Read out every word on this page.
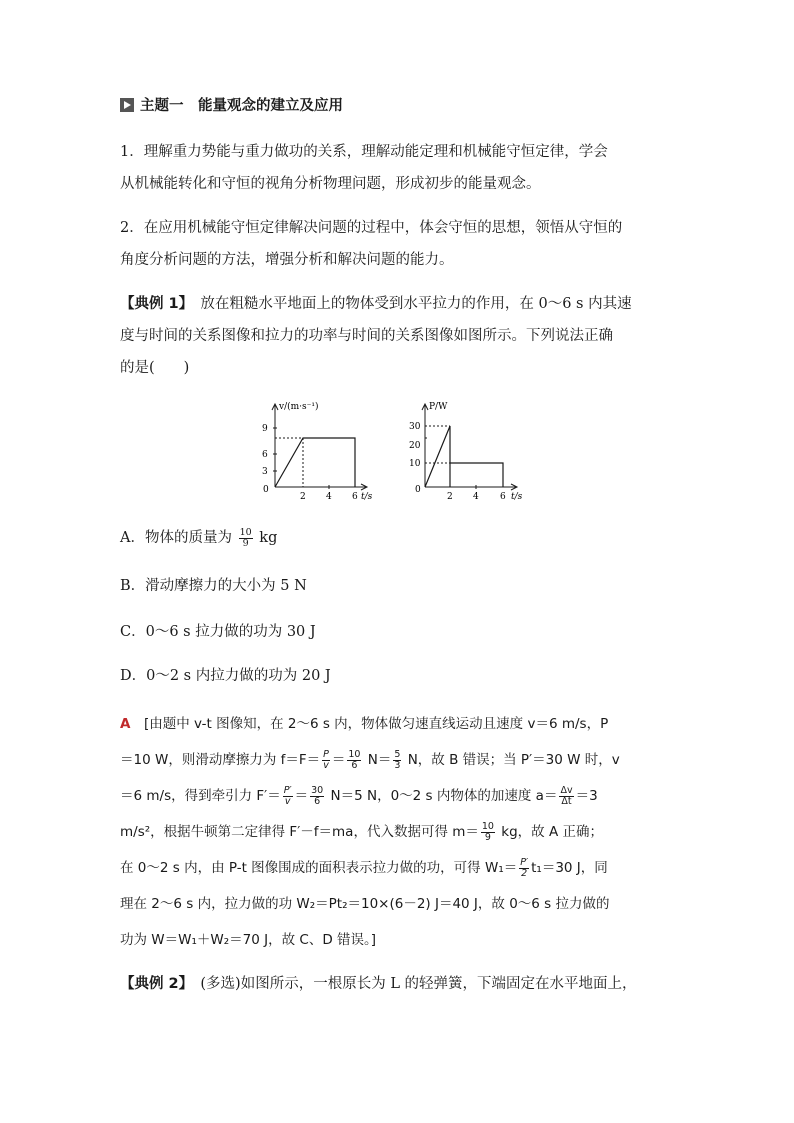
主题一　能量观念的建立及应用
1．理解重力势能与重力做功的关系，理解动能定理和机械能守恒定律，学会
从机械能转化和守恒的视角分析物理问题，形成初步的能量观念。
2．在应用机械能守恒定律解决问题的过程中，体会守恒的思想，领悟从守恒的
角度分析问题的方法，增强分析和解决问题的能力。
【典例 1】　 放在粗糙水平地面上的物体受到水平拉力的作用，在 0～6 s 内其速
度与时间的关系图像和拉力的功率与时间的关系图像如图所示。下列说法正确
的是(　　)
v/(m·s⁻¹)
9
6
3
0
2 4 6 t/s
P/W
30
20
10
0
2 4 6 t/s
A．物体的质量为 $\frac{10}{9}$ kg
B．滑动摩擦力的大小为 5 N
C．0～6 s 拉力做的功为 30 J
D．0～2 s 内拉力做的功为 20 J
A　 [由题中 v-t 图像知，在 2～6 s 内，物体做匀速直线运动且速度 v＝6 m/s，P
＝10 W，则滑动摩擦力为 $f=F= \frac{P}{v} = \frac{10}{6} N= \frac{5}{3}$ N，故 B 错误；当 P′＝30 W 时，v
＝6 m/s，得到牵引力 $F'= \frac{P'}{v} = \frac{30}{6} N=5$ N，0～2 s 内物体的加速度 $a= \frac{\Delta v}{\Delta t} =3$
m/s²，根据牛顿第二定律得 F′－f＝ma，代入数据可得 $m= \frac{10}{9}$ kg，故 A 正确；
在 0～2 s 内，由 P-t 图像围成的面积表示拉力做的功，可得 $W_1= \frac{P'}{2} t_1=30$ J，同
理在 2～6 s 内，拉力做的功 W₂＝Pt₂＝10×(6－2) J＝40 J，故 0～6 s 拉力做的
功为 W＝W₁＋W₂＝70 J，故 C、D 错误。]
【典例 2】　 (多选)如图所示，一根原长为 L 的轻弹簧，下端固定在水平地面上，
